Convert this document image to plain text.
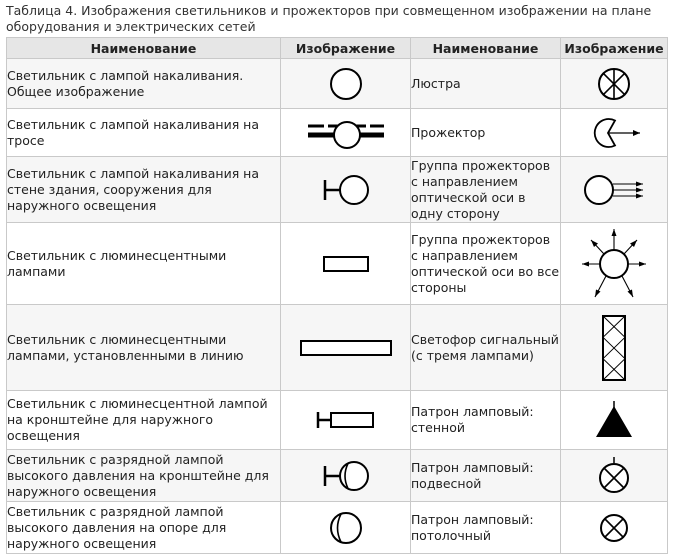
Таблица 4. Изображения светильников и прожекторов при совмещенном изображении на плане оборудования и электрических сетей
Наименование	Изображение	Наименование	Изображение
Светильник с лампой накаливания. Общее изображение		Люстра	

Светильник с лампой накаливания на тросе		Прожектор	

Светильник с лампой накаливания на стене здания, сооружения для наружного освещения		Группа прожекторов с направлением оптической оси в одну сторону	

Светильник с люминесцентными лампами		Группа прожекторов с направлением оптической оси во все стороны	

Светильник с люминесцентными лампами, установленными в линию		Светофор сигнальный (с тремя лампами)	

Светильник с люминесцентной лампой на кронштейне для наружного освещения		Патрон ламповый: стенной	

Светильник с разрядной лампой высокого давления на кронштейне для наружного освещения		Патрон ламповый: подвесной	

Светильник с разрядной лампой высокого давления на опоре для наружного освещения		Патрон ламповый: потолочный	
